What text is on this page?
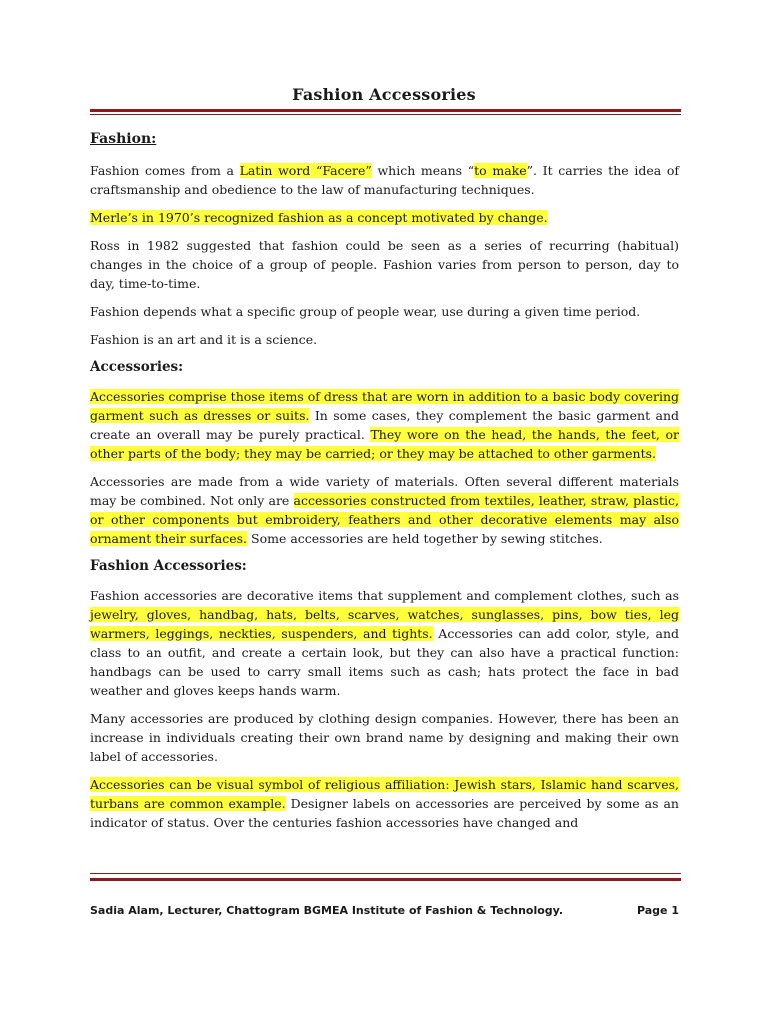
Fashion Accessories
Fashion:

Fashion comes from a Latin word “Facere” which means “to make”. It carries the idea of craftsmanship and obedience to the law of manufacturing techniques.

Merle’s in 1970’s recognized fashion as a concept motivated by change.

Ross in 1982 suggested that fashion could be seen as a series of recurring (habitual) changes in the choice of a group of people. Fashion varies from person to person, day to day, time-to-time.

Fashion depends what a specific group of people wear, use during a given time period.

Fashion is an art and it is a science.

Accessories:

Accessories comprise those items of dress that are worn in addition to a basic body covering garment such as dresses or suits. In some cases, they complement the basic garment and create an overall may be purely practical. They wore on the head, the hands, the feet, or other parts of the body; they may be carried; or they may be attached to other garments.

Accessories are made from a wide variety of materials. Often several different materials may be combined. Not only are accessories constructed from textiles, leather, straw, plastic, or other components but embroidery, feathers and other decorative elements may also ornament their surfaces. Some accessories are held together by sewing stitches.

Fashion Accessories:

Fashion accessories are decorative items that supplement and complement clothes, such as jewelry, gloves, handbag, hats, belts, scarves, watches, sunglasses, pins, bow ties, leg warmers, leggings, neckties, suspenders, and tights. Accessories can add color, style, and class to an outfit, and create a certain look, but they can also have a practical function: handbags can be used to carry small items such as cash; hats protect the face in bad weather and gloves keeps hands warm.

Many accessories are produced by clothing design companies. However, there has been an increase in individuals creating their own brand name by designing and making their own label of accessories.

Accessories can be visual symbol of religious affiliation: Jewish stars, Islamic hand scarves, turbans are common example. Designer labels on accessories are perceived by some as an indicator of status. Over the centuries fashion accessories have changed and

Sadia Alam, Lecturer, Chattogram BGMEA Institute of Fashion & Technology.	Page 1
